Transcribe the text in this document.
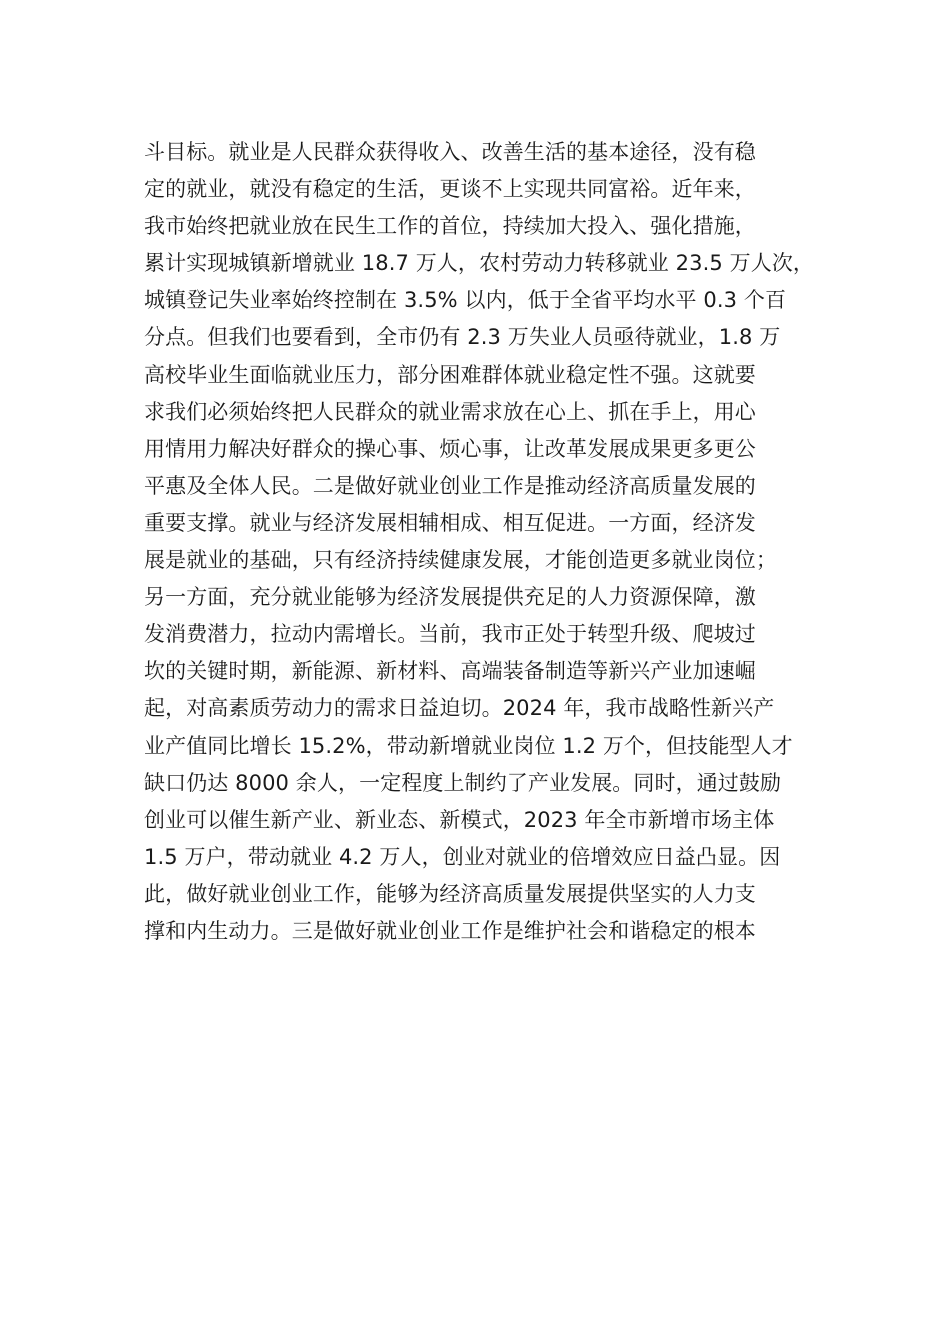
斗目标。就业是人民群众获得收入、改善生活的基本途径，没有稳
定的就业，就没有稳定的生活，更谈不上实现共同富裕。近年来，
我市始终把就业放在民生工作的首位，持续加大投入、强化措施，
累计实现城镇新增就业 18.7 万人，农村劳动力转移就业 23.5 万人次，
城镇登记失业率始终控制在 3.5% 以内，低于全省平均水平 0.3 个百
分点。但我们也要看到，全市仍有 2.3 万失业人员亟待就业，1.8 万
高校毕业生面临就业压力，部分困难群体就业稳定性不强。这就要
求我们必须始终把人民群众的就业需求放在心上、抓在手上，用心
用情用力解决好群众的操心事、烦心事，让改革发展成果更多更公
平惠及全体人民。二是做好就业创业工作是推动经济高质量发展的
重要支撑。就业与经济发展相辅相成、相互促进。一方面，经济发
展是就业的基础，只有经济持续健康发展，才能创造更多就业岗位；
另一方面，充分就业能够为经济发展提供充足的人力资源保障，激
发消费潜力，拉动内需增长。当前，我市正处于转型升级、爬坡过
坎的关键时期，新能源、新材料、高端装备制造等新兴产业加速崛
起，对高素质劳动力的需求日益迫切。2024 年，我市战略性新兴产
业产值同比增长 15.2%，带动新增就业岗位 1.2 万个，但技能型人才
缺口仍达 8000 余人，一定程度上制约了产业发展。同时，通过鼓励
创业可以催生新产业、新业态、新模式，2023 年全市新增市场主体
1.5 万户，带动就业 4.2 万人，创业对就业的倍增效应日益凸显。因
此，做好就业创业工作，能够为经济高质量发展提供坚实的人力支
撑和内生动力。三是做好就业创业工作是维护社会和谐稳定的根本
